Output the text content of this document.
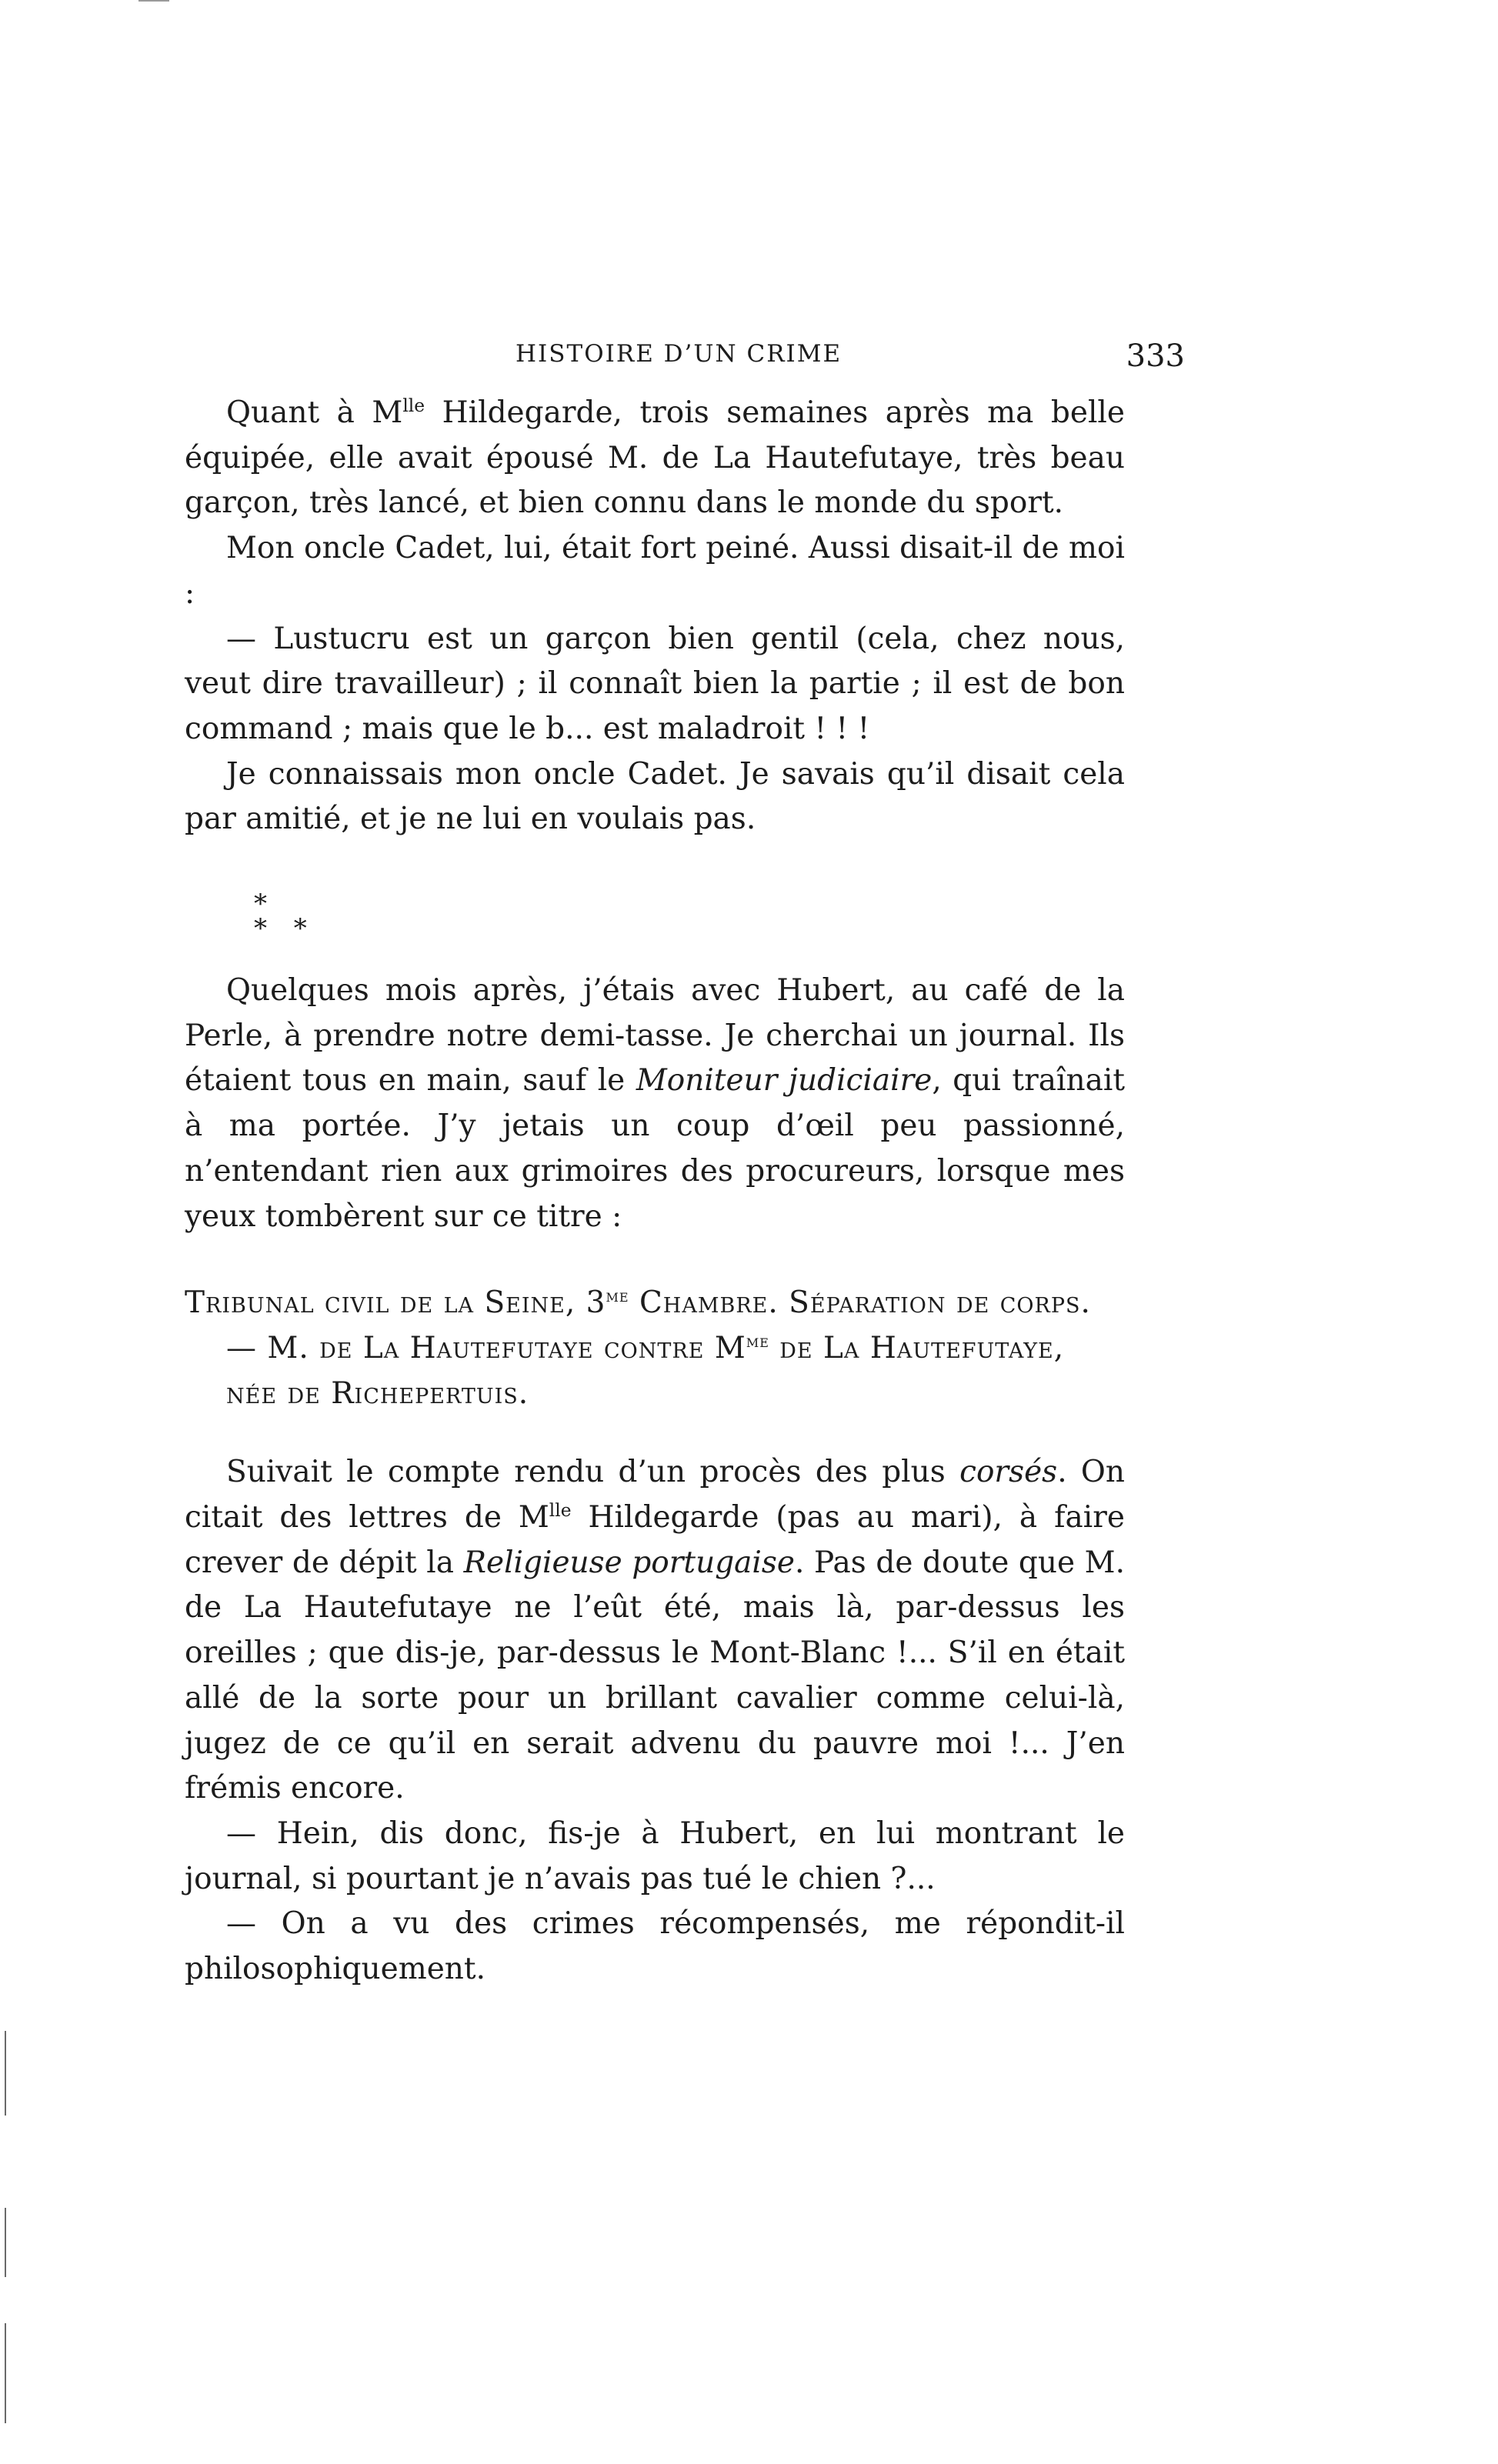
HISTOIRE D’UN CRIME	333

Quant à $M^{lle}$ Hildegarde, trois semaines après ma belle équipée, elle avait épousé M. de La Hautefutaye, très beau garçon, très lancé, et bien connu dans le monde du sport.

Mon oncle Cadet, lui, était fort peiné. Aussi disait-il de moi :

— Lustucru est un garçon bien gentil (cela, chez nous, veut dire travailleur) ; il connaît bien la partie ; il est de bon command ; mais que le b... est maladroit ! ! !

Je connaissais mon oncle Cadet. Je savais qu’il disait cela par amitié, et je ne lui en voulais pas.

*
* *

Quelques mois après, j’étais avec Hubert, au café de la Perle, à prendre notre demi-tasse. Je cherchai un journal. Ils étaient tous en main, sauf le Moniteur judiciaire, qui traînait à ma portée. J’y jetais un coup d’œil peu passionné, n’entendant rien aux grimoires des procureurs, lorsque mes yeux tombèrent sur ce titre :

Tribunal civil de la Seine, $3^{me}$ Chambre. Séparation de corps.

— M. de La Hautefutaye contre $M^{me}$ de La Hautefutaye,

née de Richepertuis.

Suivait le compte rendu d’un procès des plus corsés. On citait des lettres de $M^{lle}$ Hildegarde (pas au mari), à faire crever de dépit la Religieuse portugaise. Pas de doute que M. de La Hautefutaye ne l’eût été, mais là, par-dessus les oreilles ; que dis-je, par-dessus le Mont-Blanc !... S’il en était allé de la sorte pour un brillant cavalier comme celui-là, jugez de ce qu’il en serait advenu du pauvre moi !... J’en frémis encore.

— Hein, dis donc, fis-je à Hubert, en lui montrant le journal, si pourtant je n’avais pas tué le chien ?...

— On a vu des crimes récompensés, me répondit-il philosophiquement.
